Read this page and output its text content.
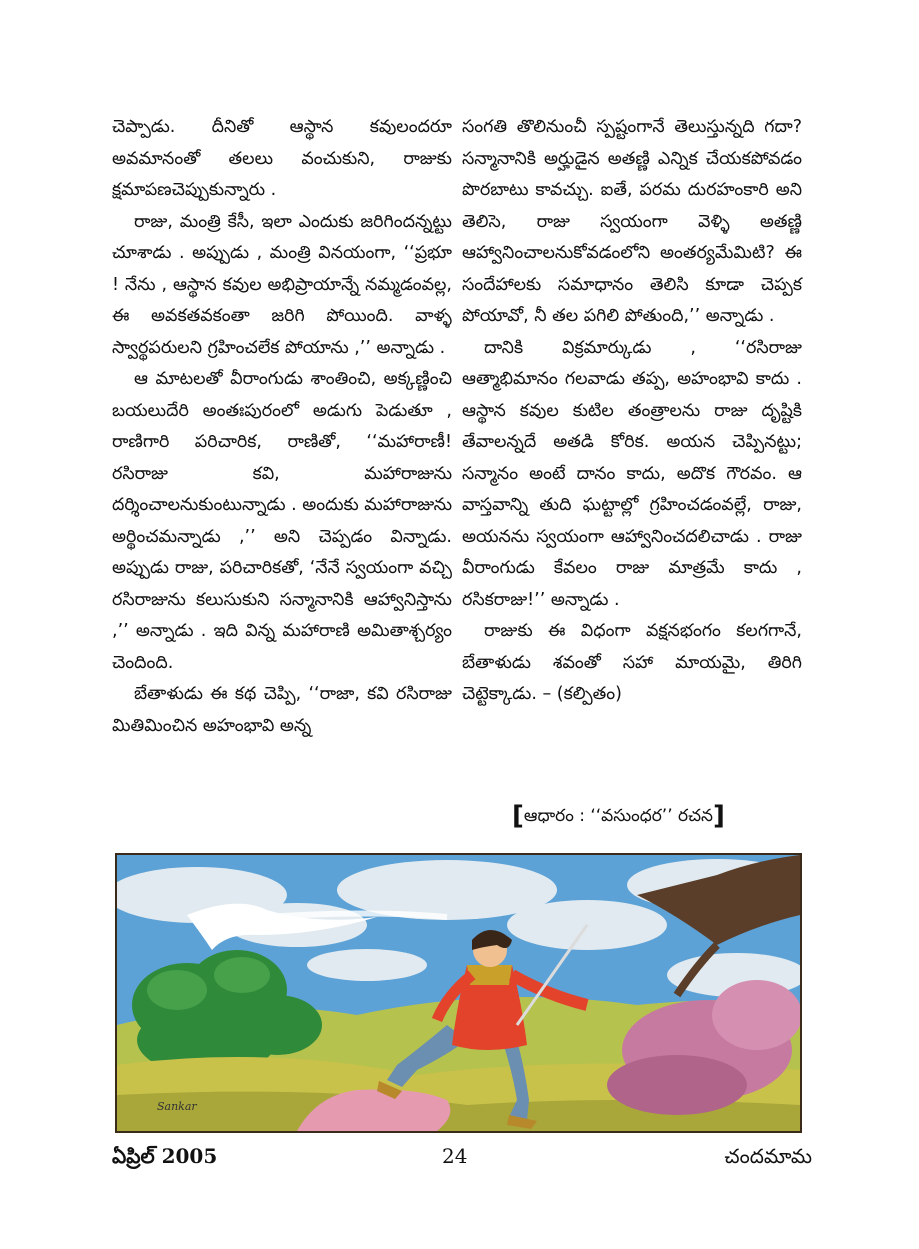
చెప్పాడు. దీనితో ఆస్థాన కవులందరూ అవమానంతో తలలు వంచుకుని, రాజుకు క్షమాపణచెప్పుకున్నారు .

రాజు, మంత్రి కేసీ, ఇలా ఎందుకు జరిగిందన్నట్టు చూశాడు . అప్పుడు , మంత్రి వినయంగా, ‘‘ప్రభూ ! నేను , ఆస్థాన కవుల అభిప్రాయాన్నే నమ్మడంవల్ల, ఈ అవకతవకంతా జరిగి పోయింది. వాళ్ళ స్వార్థపరులని గ్రహించలేక పోయాను ,’’ అన్నాడు .

ఆ మాటలతో వీరాంగుడు శాంతించి, అక్కణ్ణించి బయలుదేరి అంతఃపురంలో అడుగు పెడుతూ , రాణిగారి పరిచారిక, రాణితో, ‘‘మహారాణీ! రసిరాజు కవి, మహారాజును దర్శించాలనుకుంటున్నాడు . అందుకు మహారాజును అర్థించమన్నాడు ,’’ అని చెప్పడం విన్నాడు. అప్పుడు రాజు, పరిచారికతో, ‘నేనే స్వయంగా వచ్చి రసిరాజును కలుసుకుని సన్మానానికి ఆహ్వానిస్తాను ,’’ అన్నాడు . ఇది విన్న మహారాణి అమితాశ్చర్యం చెందింది.

బేతాళుడు ఈ కథ చెప్పి, ‘‘రాజా, కవి రసిరాజు మితిమించిన అహంభావి అన్న

సంగతి తొలినుంచీ స్పష్టంగానే తెలుస్తున్నది గదా? సన్మానానికి అర్హుడైన అతణ్ణి ఎన్నిక చేయకపోవడం పొరబాటు కావచ్చు. ఐతే, పరమ దురహంకారి అని తెలిసె, రాజు స్వయంగా వెళ్ళి అతణ్ణి ఆహ్వానించాలనుకోవడంలోని అంతర్యమేమిటి? ఈ సందేహాలకు సమాధానం తెలిసి కూడా చెప్పక పోయావో, నీ తల పగిలి పోతుంది,’’ అన్నాడు .

దానికి విక్రమార్కుడు , ‘‘రసిరాజు ఆత్మాభిమానం గలవాడు తప్ప, అహంభావి కాదు . ఆస్థాన కవుల కుటిల తంత్రాలను రాజు దృష్టికి తేవాలన్నదే అతడి కోరిక. అయన చెప్పినట్టు; సన్మానం అంటే దానం కాదు, అదొక గౌరవం. ఆ వాస్తవాన్ని తుది ఘట్టాల్లో గ్రహించడంవల్లే, రాజు, అయనను స్వయంగా ఆహ్వానించదలిచాడు . రాజు వీరాంగుడు కేవలం రాజు మాత్రమే కాదు , రసికరాజు!’’ అన్నాడు .

రాజుకు ఈ విధంగా వక్షనభంగం కలగగానే, బేతాళుడు శవంతో సహా మాయమై, తిరిగి చెట్టెక్కాడు. – (కల్పితం)

[ఆధారం : ‘‘వసుంధర’’ రచన]
Sankar
ఏప్రిల్ 2005	24	చందమామ
